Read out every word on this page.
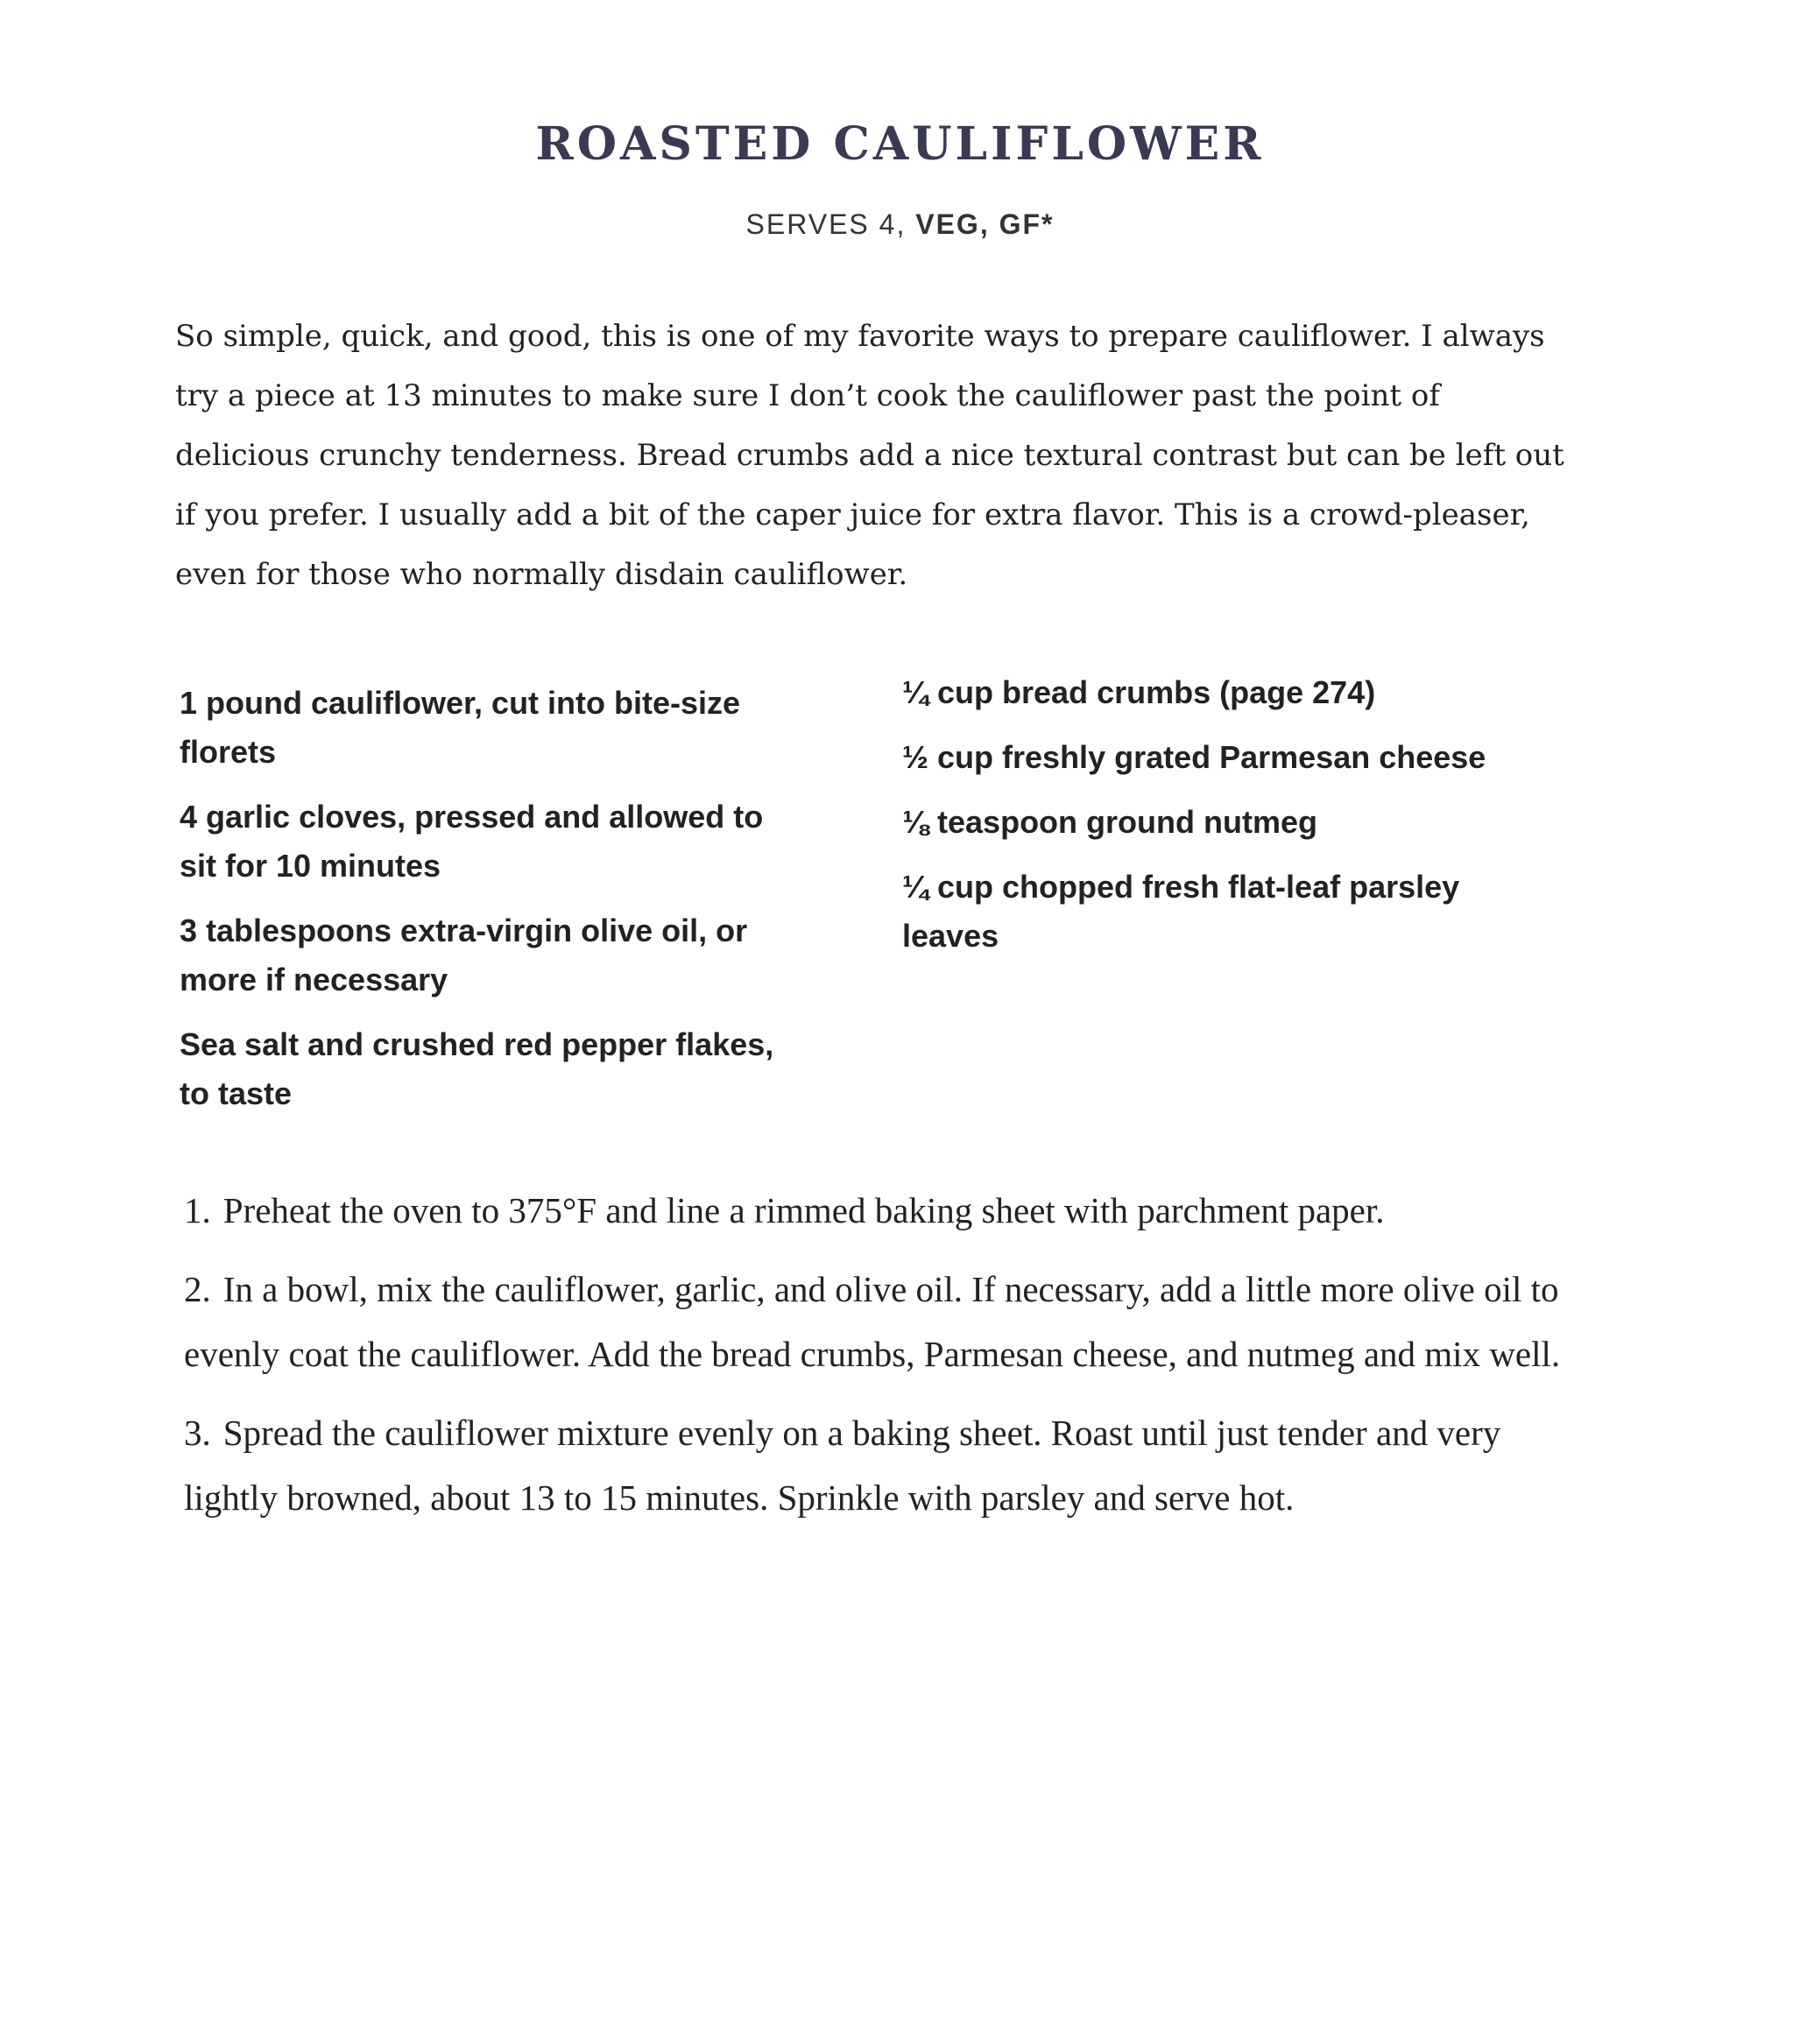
ROASTED CAULIFLOWER
SERVES 4, VEG, GF*

So simple, quick, and good, this is one of my favorite ways to prepare cauliflower. I always try a piece at 13 minutes to make sure I don’t cook the cauliflower past the point of delicious crunchy tenderness. Bread crumbs add a nice textural contrast but can be left out if you prefer. I usually add a bit of the caper juice for extra flavor. This is a crowd-pleaser, even for those who normally disdain cauliflower.

1 pound cauliflower, cut into bite-size florets
4 garlic cloves, pressed and allowed to sit for 10 minutes
3 tablespoons extra-virgin olive oil, or more if necessary
Sea salt and crushed red pepper flakes, to taste
¼ cup bread crumbs (page 274)
½ cup freshly grated Parmesan cheese
⅛ teaspoon ground nutmeg
¼ cup chopped fresh flat-leaf parsley leaves
1. Preheat the oven to 375°F and line a rimmed baking sheet with parchment paper.
2. In a bowl, mix the cauliflower, garlic, and olive oil. If necessary, add a little more olive oil to evenly coat the cauliflower. Add the bread crumbs, Parmesan cheese, and nutmeg and mix well.
3. Spread the cauliflower mixture evenly on a baking sheet. Roast until just tender and very lightly browned, about 13 to 15 minutes. Sprinkle with parsley and serve hot.
